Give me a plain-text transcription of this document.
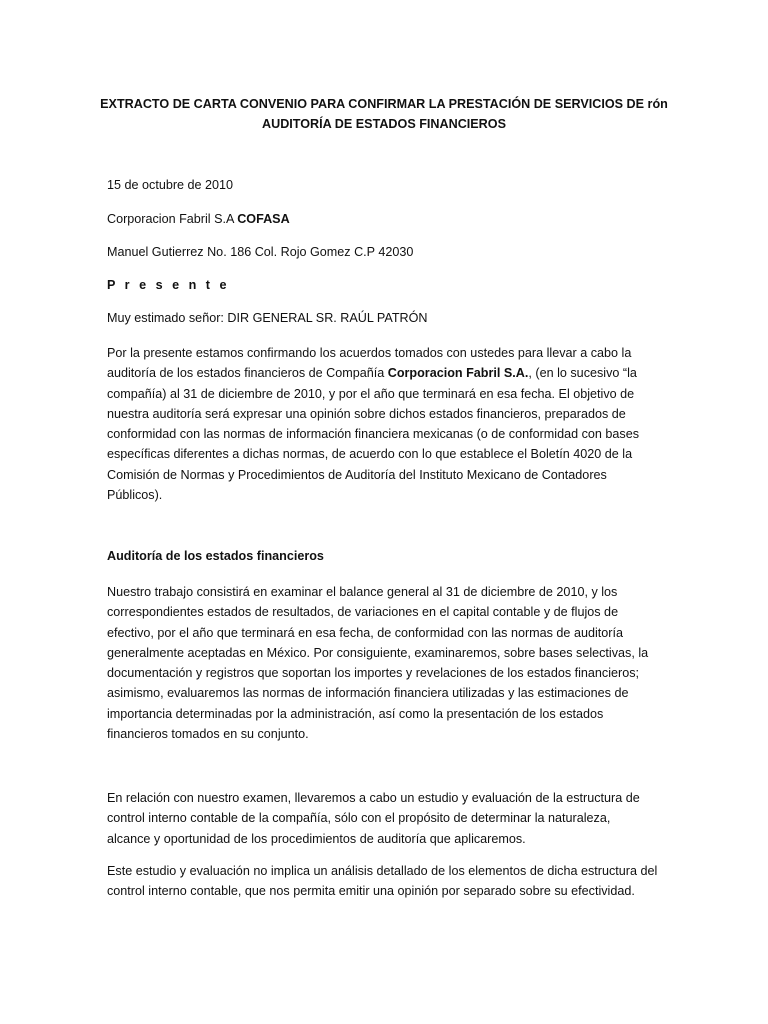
EXTRACTO DE CARTA CONVENIO PARA CONFIRMAR LA PRESTACIÓN DE SERVICIOS DE rón
AUDITORÍA DE ESTADOS FINANCIEROS
15 de octubre de 2010
Corporacion Fabril S.A COFASA
Manuel Gutierrez No. 186 Col. Rojo Gomez C.P 42030
P r e s e n t e
Muy estimado señor: DIR GENERAL SR. RAÚL PATRÓN
Por la presente estamos confirmando los acuerdos tomados con ustedes para llevar a cabo la
auditoría de los estados financieros de Compañía Corporacion Fabril S.A., (en lo sucesivo “la
compañía) al 31 de diciembre de 2010, y por el año que terminará en esa fecha. El objetivo de
nuestra auditoría será expresar una opinión sobre dichos estados financieros, preparados de
conformidad con las normas de información financiera mexicanas (o de conformidad con bases
específicas diferentes a dichas normas, de acuerdo con lo que establece el Boletín 4020 de la
Comisión de Normas y Procedimientos de Auditoría del Instituto Mexicano de Contadores
Públicos).
Auditoría de los estados financieros
Nuestro trabajo consistirá en examinar el balance general al 31 de diciembre de 2010, y los
correspondientes estados de resultados, de variaciones en el capital contable y de flujos de
efectivo, por el año que terminará en esa fecha, de conformidad con las normas de auditoría
generalmente aceptadas en México. Por consiguiente, examinaremos, sobre bases selectivas, la
documentación y registros que soportan los importes y revelaciones de los estados financieros;
asimismo, evaluaremos las normas de información financiera utilizadas y las estimaciones de
importancia determinadas por la administración, así como la presentación de los estados
financieros tomados en su conjunto.
En relación con nuestro examen, llevaremos a cabo un estudio y evaluación de la estructura de
control interno contable de la compañía, sólo con el propósito de determinar la naturaleza,
alcance y oportunidad de los procedimientos de auditoría que aplicaremos.
Este estudio y evaluación no implica un análisis detallado de los elementos de dicha estructura del
control interno contable, que nos permita emitir una opinión por separado sobre su efectividad.
